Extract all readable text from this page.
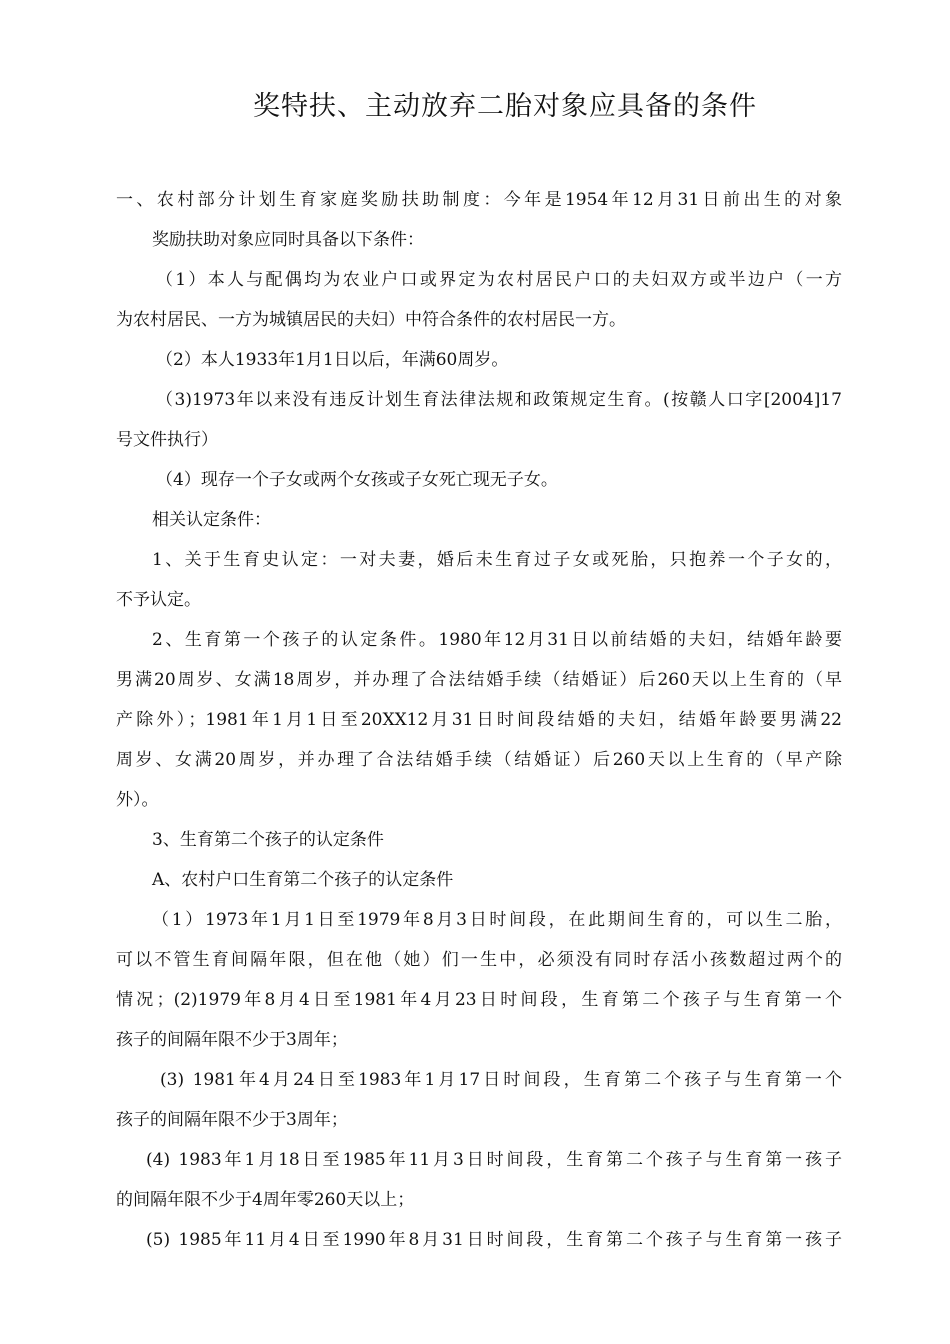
奖特扶、主动放弃二胎对象应具备的条件

一、农村部分计划生育家庭奖励扶助制度：今年是1954年12月31日前出生的对象

奖励扶助对象应同时具备以下条件：

（1）本人与配偶均为农业户口或界定为农村居民户口的夫妇双方或半边户（一方

为农村居民、一方为城镇居民的夫妇）中符合条件的农村居民一方。

（2）本人1933年1月1日以后，年满60周岁。

（3)1973年以来没有违反计划生育法律法规和政策规定生育。(按赣人口字[2004]17

号文件执行）

（4）现存一个子女或两个女孩或子女死亡现无子女。

相关认定条件：

1、关于生育史认定：一对夫妻，婚后未生育过子女或死胎，只抱养一个子女的，

不予认定。

2、生育第一个孩子的认定条件。1980年12月31日以前结婚的夫妇，结婚年龄要

男满20周岁、女满18周岁，并办理了合法结婚手续（结婚证）后260天以上生育的（早

产除外）；1981年1月1日至20XX12月31日时间段结婚的夫妇，结婚年龄要男满22

周岁、女满20周岁，并办理了合法结婚手续（结婚证）后260天以上生育的（早产除

外）。

3、生育第二个孩子的认定条件

A、农村户口生育第二个孩子的认定条件

（1）1973年1月1日至1979年8月3日时间段，在此期间生育的，可以生二胎，

可以不管生育间隔年限，但在他（她）们一生中，必须没有同时存活小孩数超过两个的

情况；(2)1979年8月4日至1981年4月23日时间段，生育第二个孩子与生育第一个

孩子的间隔年限不少于3周年；

(3) 1981年4月24日至1983年1月17日时间段，生育第二个孩子与生育第一个

孩子的间隔年限不少于3周年；

(4) 1983年1月18日至1985年11月3日时间段，生育第二个孩子与生育第一孩子

的间隔年限不少于4周年零260天以上；

(5) 1985年11月4日至1990年8月31日时间段，生育第二个孩子与生育第一孩子
